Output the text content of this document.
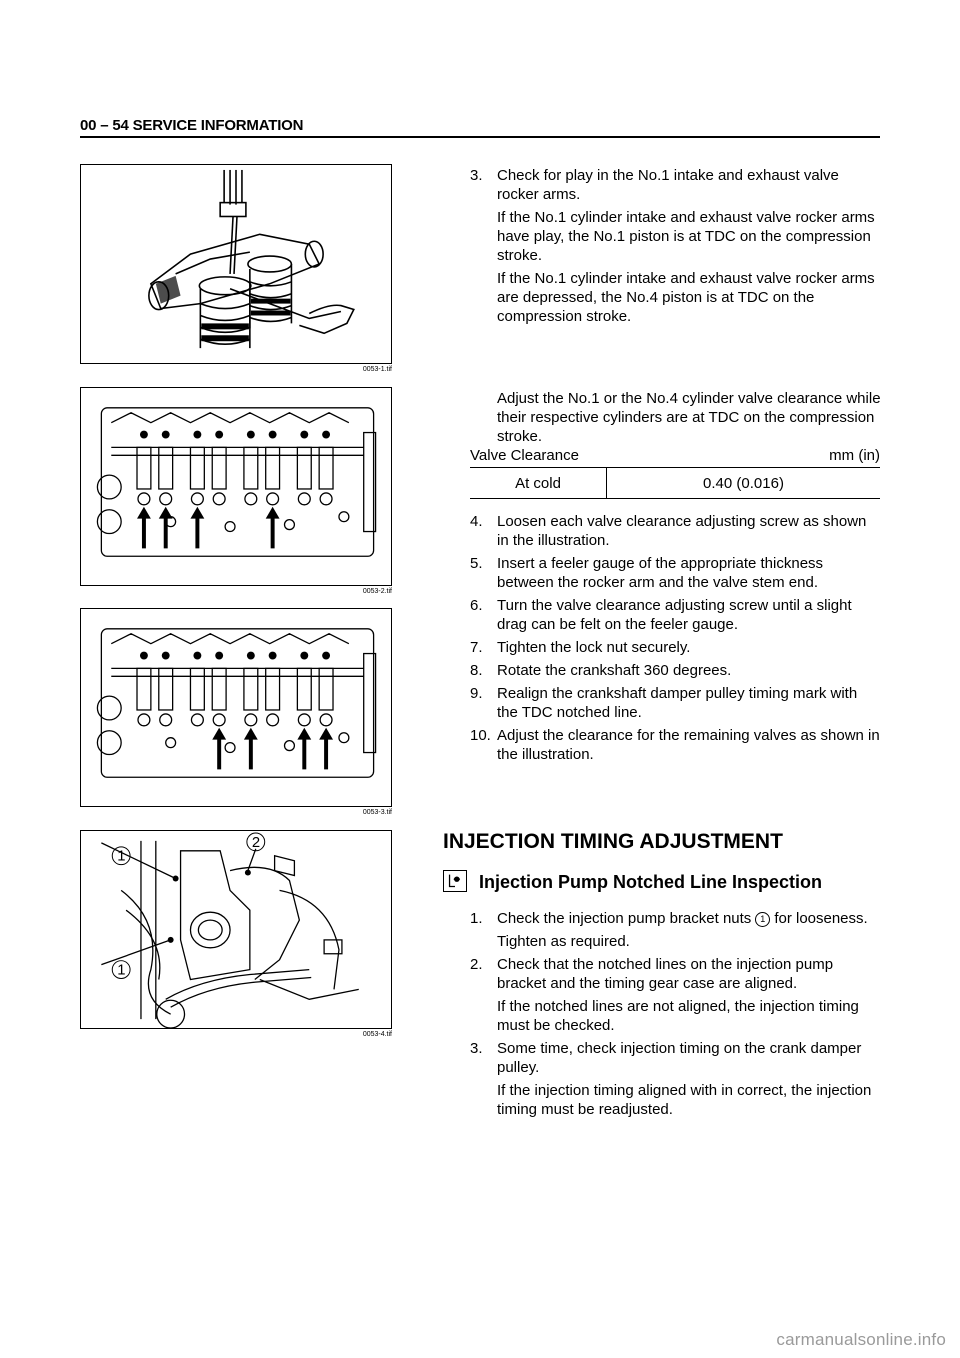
00 – 54 SERVICE INFORMATION
0053-1.tif
0053-2.tif
0053-3.tif
1
2
1
0053-4.tif
3. Check for play in the No.1 intake and exhaust valve rocker arms.
If the No.1 cylinder intake and exhaust valve rocker arms have play, the No.1 piston is at TDC on the compression stroke.
If the No.1 cylinder intake and exhaust valve rocker arms are depressed, the No.4 piston is at TDC on the compression stroke.
Adjust the No.1 or the No.4 cylinder valve clearance while their respective cylinders are at TDC on the compression stroke.
Valve Clearance	mm (in)
At cold	0.40 (0.016)
4. Loosen each valve clearance adjusting screw as shown in the illustration.
5. Insert a feeler gauge of the appropriate thickness between the rocker arm and the valve stem end.
6. Turn the valve clearance adjusting screw until a slight drag can be felt on the feeler gauge.
7. Tighten the lock nut securely.
8. Rotate the crankshaft 360 degrees.
9. Realign the crankshaft damper pulley timing mark with the TDC notched line.
10. Adjust the clearance for the remaining valves as shown in the illustration.
INJECTION TIMING ADJUSTMENT
Injection Pump Notched Line Inspection
1. Check the injection pump bracket nuts 1 for looseness.
Tighten as required.
2. Check that the notched lines on the injection pump bracket and the timing gear case are aligned.
If the notched lines are not aligned, the injection timing must be checked.
3. Some time, check injection timing on the crank damper pulley.
If the injection timing aligned with in correct, the injection timing must be readjusted.
carmanualsonline.info
